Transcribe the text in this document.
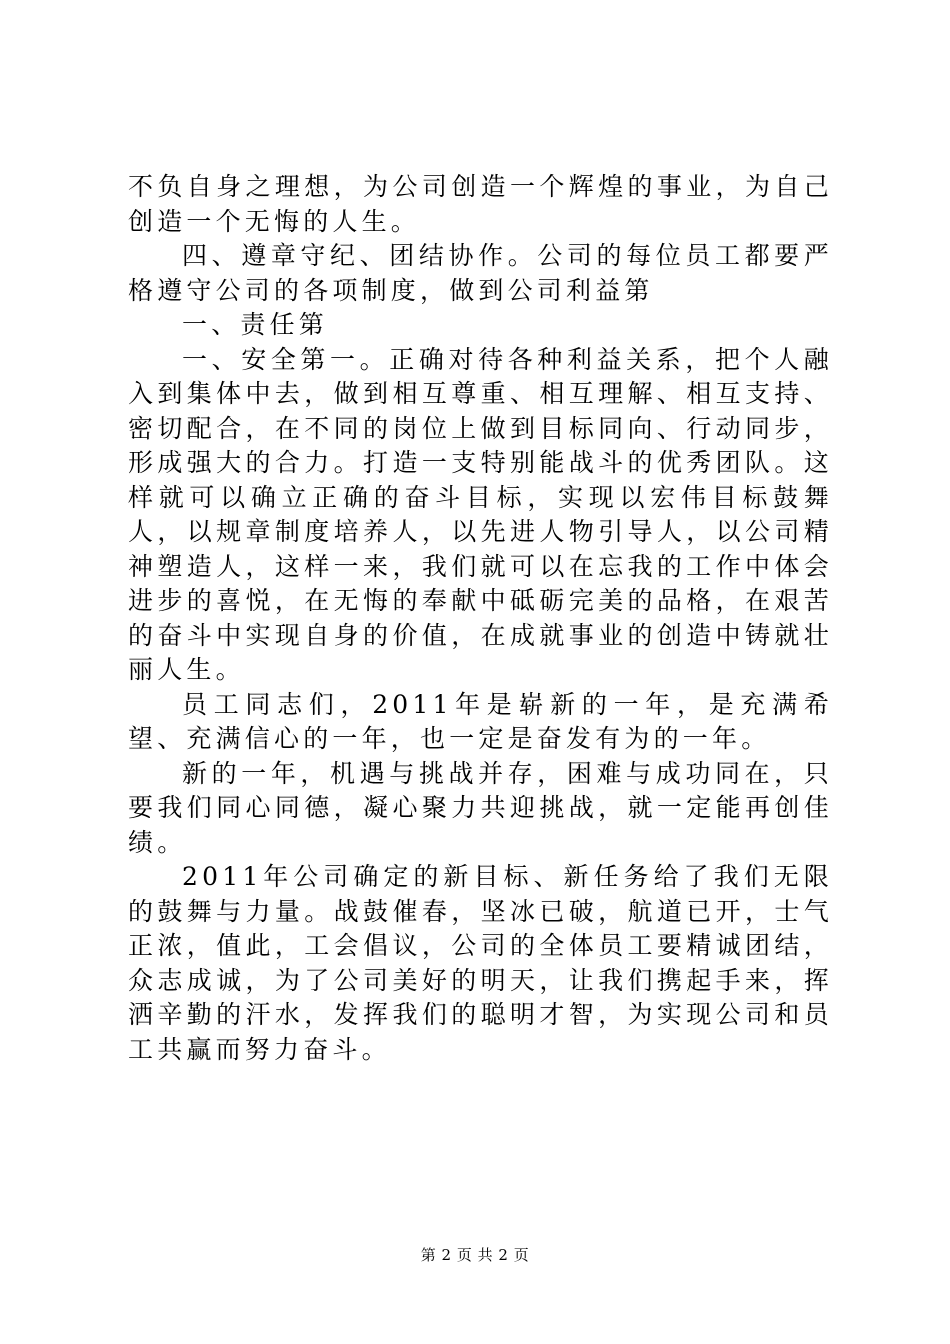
不负自身之理想，为公司创造一个辉煌的事业，为自己创造一个无悔的人生。

四、遵章守纪、团结协作。公司的每位员工都要严格遵守公司的各项制度，做到公司利益第

一、责任第

一、安全第一。正确对待各种利益关系，把个人融入到集体中去，做到相互尊重、相互理解、相互支持、密切配合，在不同的岗位上做到目标同向、行动同步，形成强大的合力。打造一支特别能战斗的优秀团队。这样就可以确立正确的奋斗目标，实现以宏伟目标鼓舞人，以规章制度培养人，以先进人物引导人，以公司精神塑造人，这样一来，我们就可以在忘我的工作中体会进步的喜悦，在无悔的奉献中砥砺完美的品格，在艰苦的奋斗中实现自身的价值，在成就事业的创造中铸就壮丽人生。

员工同志们，2011年是崭新的一年，是充满希望、充满信心的一年，也一定是奋发有为的一年。

新的一年，机遇与挑战并存，困难与成功同在，只要我们同心同德，凝心聚力共迎挑战，就一定能再创佳绩。

2011年公司确定的新目标、新任务给了我们无限的鼓舞与力量。战鼓催春，坚冰已破，航道已开，士气正浓，值此，工会倡议，公司的全体员工要精诚团结，众志成诚，为了公司美好的明天，让我们携起手来，挥洒辛勤的汗水，发挥我们的聪明才智，为实现公司和员工共赢而努力奋斗。

第 2 页 共 2 页
